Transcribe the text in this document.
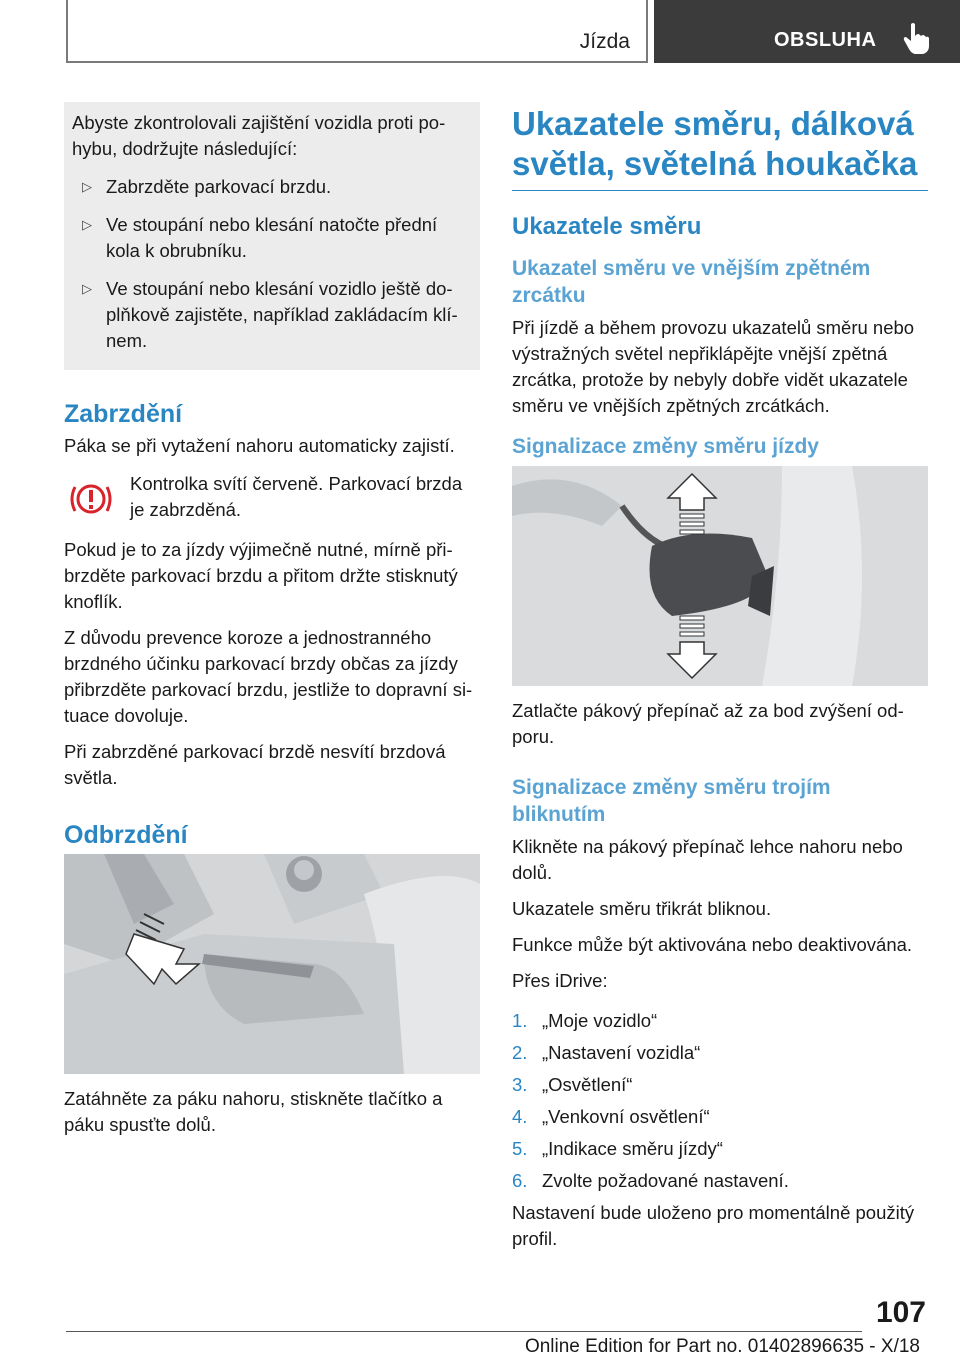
Jízda	OBSLUHA

Abyste zkontrolovali zajištění vozidla proti po-hybu, dodržujte následující:

▷ Zabrzděte parkovací brzdu.
▷ Ve stoupání nebo klesání natočte přední kola k obrubníku.
▷ Ve stoupání nebo klesání vozidlo ještě do-plňkově zajistěte, například zakládacím klí-nem.
Zabrzdění

Páka se při vytažení nahoru automaticky zajistí.

Kontrolka svítí červeně. Parkovací brzda je zabrzděná.

Pokud je to za jízdy výjimečně nutné, mírně při-brzděte parkovací brzdu a přitom držte stisknutý knoflík.

Z důvodu prevence koroze a jednostranného brzdného účinku parkovací brzdy občas za jízdy přibrzděte parkovací brzdu, jestliže to dopravní si-tuace dovoluje.

Při zabrzděné parkovací brzdě nesvítí brzdová světla.

Odbrzdění

Zatáhněte za páku nahoru, stiskněte tlačítko a páku spusťte dolů.

Ukazatele směru, dálková světla, světelná houkačka
Ukazatele směru
Ukazatel směru ve vnějším zpětném zrcátku

Při jízdě a během provozu ukazatelů směru nebo výstražných světel nepřiklápějte vnější zpětná zrcátka, protože by nebyly dobře vidět ukazatele směru ve vnějších zpětných zrcátkách.

Signalizace změny směru jízdy

Zatlačte pákový přepínač až za bod zvýšení od-poru.

Signalizace změny směru trojím bliknutím

Klikněte na pákový přepínač lehce nahoru nebo dolů.

Ukazatele směru třikrát bliknou.

Funkce může být aktivována nebo deaktivována.

Přes iDrive:

1. „Moje vozidlo“
2. „Nastavení vozidla“
3. „Osvětlení“
4. „Venkovní osvětlení“
5. „Indikace směru jízdy“
6. Zvolte požadované nastavení.

Nastavení bude uloženo pro momentálně použitý profil.

107
Online Edition for Part no. 01402896635 - X/18
